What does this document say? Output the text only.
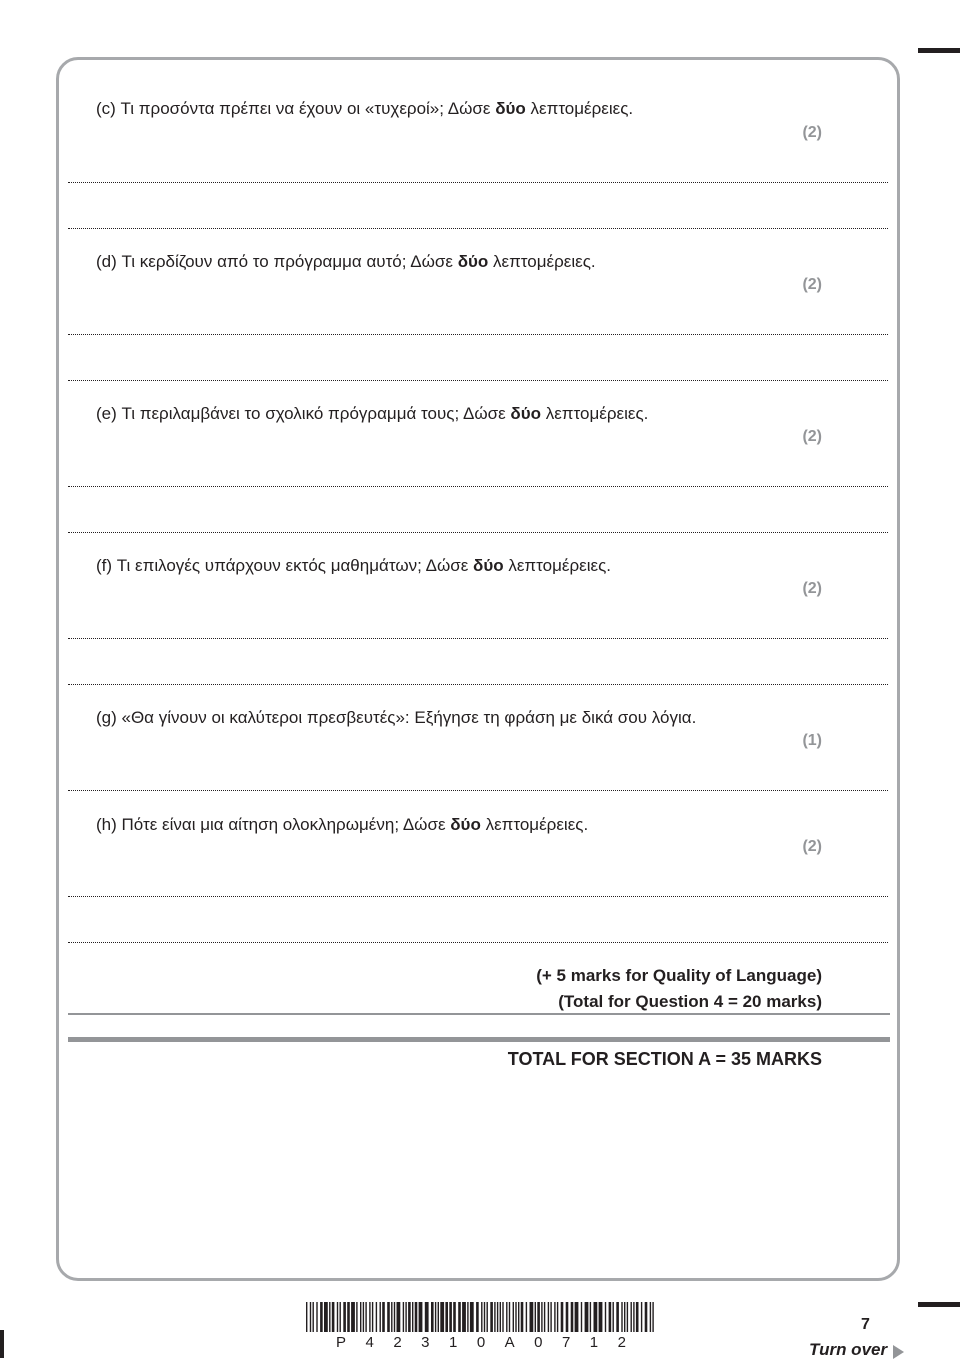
(c) Τι προσόντα πρέπει να έχουν οι «τυχεροί»; Δώσε δύο λεπτομέρειες.
(2)
(d) Τι κερδίζουν από το πρόγραμμα αυτό; Δώσε δύο λεπτομέρειες.
(2)
(e) Τι περιλαμβάνει το σχολικό πρόγραμμά τους; Δώσε δύο λεπτομέρειες.
(2)
(f) Τι επιλογές υπάρχουν εκτός μαθημάτων; Δώσε δύο λεπτομέρειες.
(2)
(g) «Θα γίνουν οι καλύτεροι πρεσβευτές»: Εξήγησε τη φράση με δικά σου λόγια.
(1)
(h) Πότε είναι μια αίτηση ολοκληρωμένη; Δώσε δύο λεπτομέρειες.
(2)
(+ 5 marks for Quality of Language)
(Total for Question 4 = 20 marks)
TOTAL FOR SECTION A = 35 MARKS
P 4 2 3 1 0 A 0 7 1 2
7
Turn over
